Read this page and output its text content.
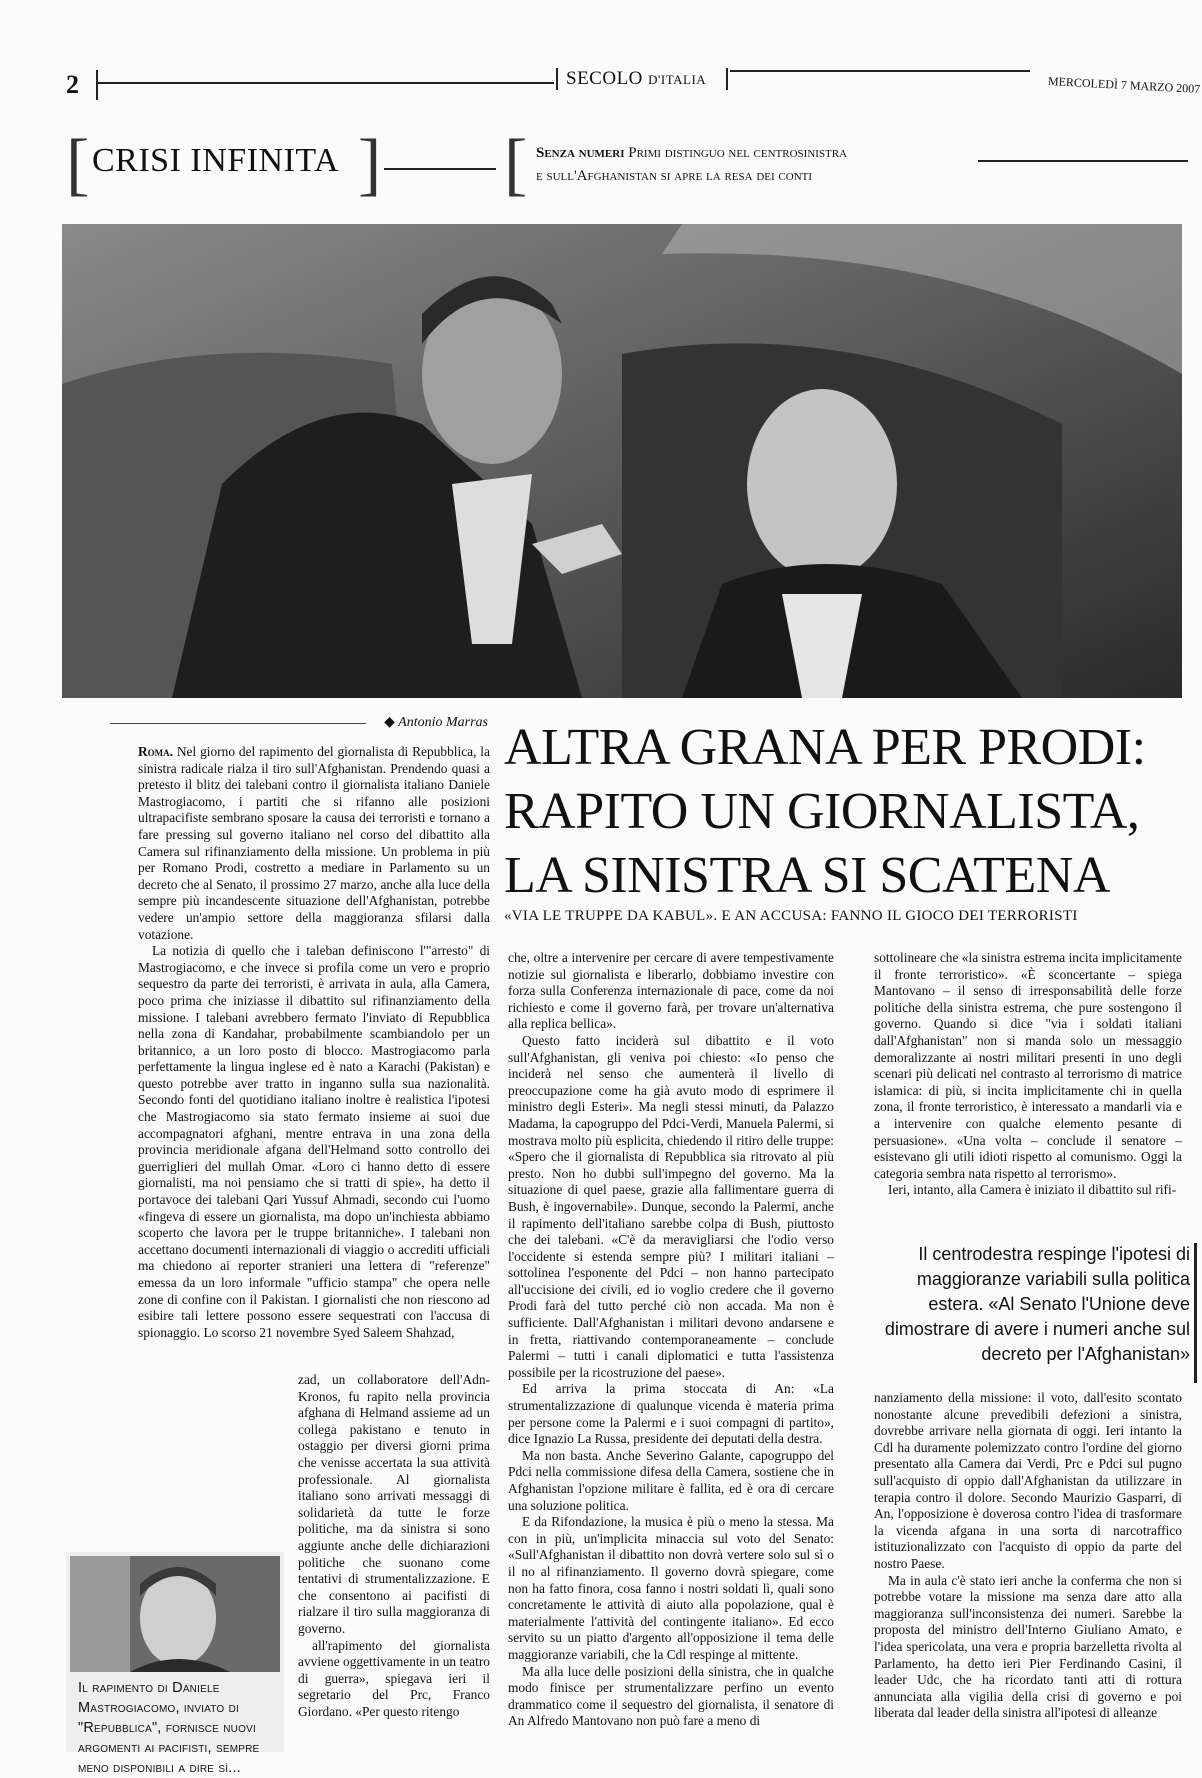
2	SECOLO D'ITALIA	MERCOLEDÌ 7 MARZO 2007
[ CRISI INFINITA ] [ Senza numeri Primi distinguo nel centrosinistra
e sull'Afghanistan si apre la resa dei conti
◆ Antonio Marras ALTRA GRANA PER PRODI:
RAPITO UN GIORNALISTA,
LA SINISTRA SI SCATENA
«VIA LE TRUPPE DA KABUL». E AN ACCUSA: FANNO IL GIOCO DEI TERRORISTI

Roma. Nel giorno del rapimento del giornalista di Repubblica, la sinistra radicale rialza il tiro sull'Afghanistan. Prendendo quasi a pretesto il blitz dei talebani contro il giornalista italiano Daniele Mastrogiacomo, i partiti che si rifanno alle posizioni ultrapacifiste sembrano sposare la causa dei terroristi e tornano a fare pressing sul governo italiano nel corso del dibattito alla Camera sul rifinanziamento della missione. Un problema in più per Romano Prodi, costretto a mediare in Parlamento su un decreto che al Senato, il prossimo 27 marzo, anche alla luce della sempre più incandescente situazione dell'Afghanistan, potrebbe vedere un'ampio settore della maggioranza sfilarsi dalla votazione.

La notizia di quello che i taleban definiscono l'"arresto" di Mastrogiacomo, e che invece si profila come un vero e proprio sequestro da parte dei terroristi, è arrivata in aula, alla Camera, poco prima che iniziasse il dibattito sul rifinanziamento della missione. I talebani avrebbero fermato l'inviato di Repubblica nella zona di Kandahar, probabilmente scambiandolo per un britannico, a un loro posto di blocco. Mastrogiacomo parla perfettamente la lingua inglese ed è nato a Karachi (Pakistan) e questo potrebbe aver tratto in inganno sulla sua nazionalità. Secondo fonti del quotidiano italiano inoltre è realistica l'ipotesi che Mastrogiacomo sia stato fermato insieme ai suoi due accompagnatori afghani, mentre entrava in una zona della provincia meridionale afgana dell'Helmand sotto controllo dei guerriglieri del mullah Omar. «Loro ci hanno detto di essere giornalisti, ma noi pensiamo che si tratti di spie», ha detto il portavoce dei talebani Qari Yussuf Ahmadi, secondo cui l'uomo «fingeva di essere un giornalista, ma dopo un'inchiesta abbiamo scoperto che lavora per le truppe britanniche». I talebani non accettano documenti internazionali di viaggio o accrediti ufficiali ma chiedono ai reporter stranieri una lettera di "referenze" emessa da un loro informale "ufficio stampa" che opera nelle zone di confine con il Pakistan. I giornalisti che non riescono ad esibire tali lettere possono essere sequestrati con l'accusa di spionaggio. Lo scorso 21 novembre Syed Saleem Shahzad,

Il rapimento di Daniele Mastrogiacomo, inviato di "Repubblica", fornisce nuovi argomenti ai pacifisti, sempre meno disponibili a dire sì...

zad, un collaboratore dell'Adn-Kronos, fu rapito nella provincia afghana di Helmand assieme ad un collega pakistano e tenuto in ostaggio per diversi giorni prima che venisse accertata la sua attività professionale. Al giornalista italiano sono arrivati messaggi di solidarietà da tutte le forze politiche, ma da sinistra si sono aggiunte anche delle dichiarazioni politiche che suonano come tentativi di strumentalizzazione. E che consentono ai pacifisti di rialzare il tiro sulla maggioranza di governo.

all'rapimento del giornalista avviene oggettivamente in un teatro di guerra», spiegava ieri il segretario del Prc, Franco Giordano. «Per questo ritengo

che, oltre a intervenire per cercare di avere tempestivamente notizie sul giornalista e liberarlo, dobbiamo investire con forza sulla Conferenza internazionale di pace, come da noi richiesto e come il governo farà, per trovare un'alternativa alla replica bellica».

Questo fatto inciderà sul dibattito e il voto sull'Afghanistan, gli veniva poi chiesto: «Io penso che inciderà nel senso che aumenterà il livello di preoccupazione come ha già avuto modo di esprimere il ministro degli Esteri». Ma negli stessi minuti, da Palazzo Madama, la capogruppo del Pdci-Verdi, Manuela Palermi, si mostrava molto più esplicita, chiedendo il ritiro delle truppe: «Spero che il giornalista di Repubblica sia ritrovato al più presto. Non ho dubbi sull'impegno del governo. Ma la situazione di quel paese, grazie alla fallimentare guerra di Bush, è ingovernabile». Dunque, secondo la Palermi, anche il rapimento dell'italiano sarebbe colpa di Bush, piuttosto che dei talebani. «C'è da meravigliarsi che l'odio verso l'occidente si estenda sempre più? I militari italiani – sottolinea l'esponente del Pdci – non hanno partecipato all'uccisione dei civili, ed io voglio credere che il governo Prodi farà del tutto perché ciò non accada. Ma non è sufficiente. Dall'Afghanistan i militari devono andarsene e in fretta, riattivando contemporaneamente – conclude Palermi – tutti i canali diplomatici e tutta l'assistenza possibile per la ricostruzione del paese».

Ed arriva la prima stoccata di An: «La strumentalizzazione di qualunque vicenda è materia prima per persone come la Palermi e i suoi compagni di partito», dice Ignazio La Russa, presidente dei deputati della destra.

Ma non basta. Anche Severino Galante, capogruppo del Pdci nella commissione difesa della Camera, sostiene che in Afghanistan l'opzione militare è fallita, ed è ora di cercare una soluzione politica.

E da Rifondazione, la musica è più o meno la stessa. Ma con in più, un'implicita minaccia sul voto del Senato: «Sull'Afghanistan il dibattito non dovrà vertere solo sul sì o il no al rifinanziamento. Il governo dovrà spiegare, come non ha fatto finora, cosa fanno i nostri soldati lì, quali sono concretamente le attività di aiuto alla popolazione, qual è materialmente l'attività del contingente italiano». Ed ecco servito su un piatto d'argento all'opposizione il tema delle maggioranze variabili, che la Cdl respinge al mittente.

Ma alla luce delle posizioni della sinistra, che in qualche modo finisce per strumentalizzare perfino un evento drammatico come il sequestro del giornalista, il senatore di An Alfredo Mantovano non può fare a meno di

sottolineare che «la sinistra estrema incita implicitamente il fronte terroristico». «È sconcertante – spiega Mantovano – il senso di irresponsabilità delle forze politiche della sinistra estrema, che pure sostengono il governo. Quando si dice "via i soldati italiani dall'Afghanistan" non si manda solo un messaggio demoralizzante ai nostri militari presenti in uno degli scenari più delicati nel contrasto al terrorismo di matrice islamica: di più, si incita implicitamente chi in quella zona, il fronte terroristico, è interessato a mandarli via e a intervenire con qualche elemento pesante di persuasione». «Una volta – conclude il senatore – esistevano gli utili idioti rispetto al comunismo. Oggi la categoria sembra nata rispetto al terrorismo».

Ieri, intanto, alla Camera è iniziato il dibattito sul rifi-

Il centrodestra respinge l'ipotesi di maggioranze variabili sulla politica estera. «Al Senato l'Unione deve dimostrare di avere i numeri anche sul decreto per l'Afghanistan»

nanziamento della missione: il voto, dall'esito scontato nonostante alcune prevedibili defezioni a sinistra, dovrebbe arrivare nella giornata di oggi. Ieri intanto la Cdl ha duramente polemizzato contro l'ordine del giorno presentato alla Camera dai Verdi, Prc e Pdci sul pugno sull'acquisto di oppio dall'Afghanistan da utilizzare in terapia contro il dolore. Secondo Maurizio Gasparri, di An, l'opposizione è doverosa contro l'idea di trasformare la vicenda afgana in una sorta di narcotraffico istituzionalizzato con l'acquisto di oppio da parte del nostro Paese.

Ma in aula c'è stato ieri anche la conferma che non si potrebbe votare la missione ma senza dare atto alla maggioranza sull'inconsistenza dei numeri. Sarebbe la proposta del ministro dell'Interno Giuliano Amato, e l'idea spericolata, una vera e propria barzelletta rivolta al Parlamento, ha detto ieri Pier Ferdinando Casini, il leader Udc, che ha ricordato tanti atti di rottura annunciata alla vigilia della crisi di governo e poi liberata dal leader della sinistra all'ipotesi di alleanze
